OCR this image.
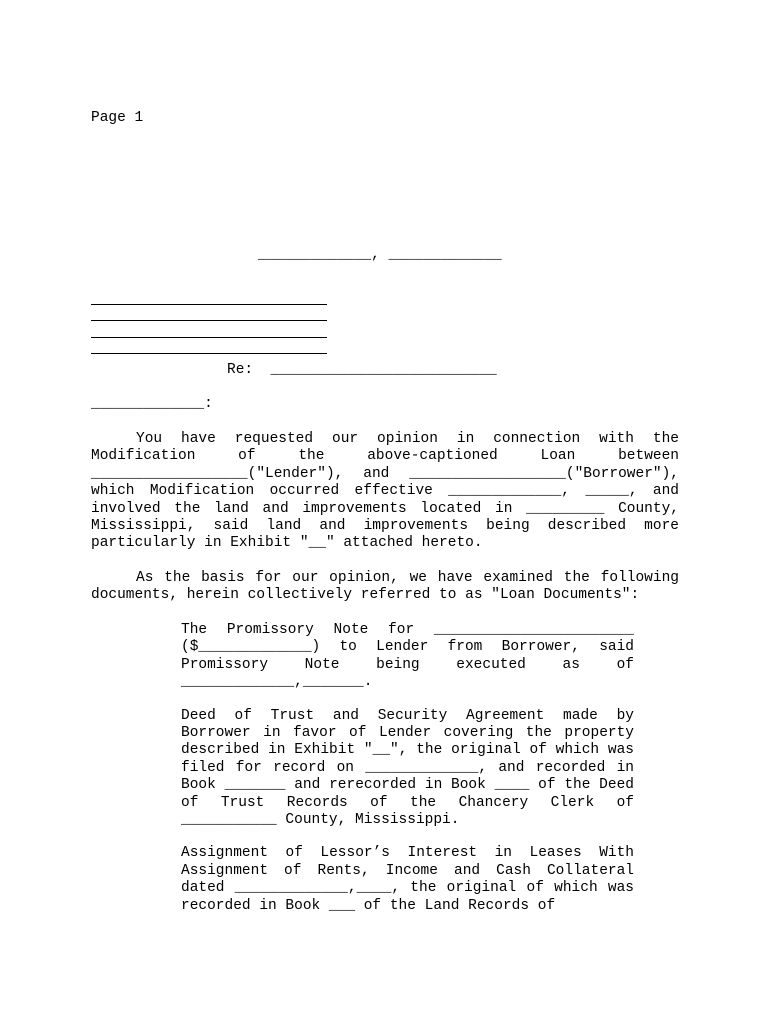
Page 1
_____________, _____________
Re: __________________________
_____________:

You have requested our opinion in connection with the Modification of the above-captioned Loan between __________________("Lender"), and __________________("Borrower"), which Modification occurred effective _____________, _____, and involved the land and improvements located in _________ County, Mississippi, said land and improvements being described more particularly in Exhibit "__" attached hereto.

As the basis for our opinion, we have examined the following documents, herein collectively referred to as "Loan Documents":

The Promissory Note for _______________________ ($_____________) to Lender from Borrower, said Promissory Note being executed as of _____________,_______.

Deed of Trust and Security Agreement made by Borrower in favor of Lender covering the property described in Exhibit "__", the original of which was filed for record on _____________, and recorded in Book _______ and rerecorded in Book ____ of the Deed of Trust Records of the Chancery Clerk of ___________ County, Mississippi.

Assignment of Lessor’s Interest in Leases With Assignment of Rents, Income and Cash Collateral dated _____________,____, the original of which was recorded in Book ___ of the Land Records of
